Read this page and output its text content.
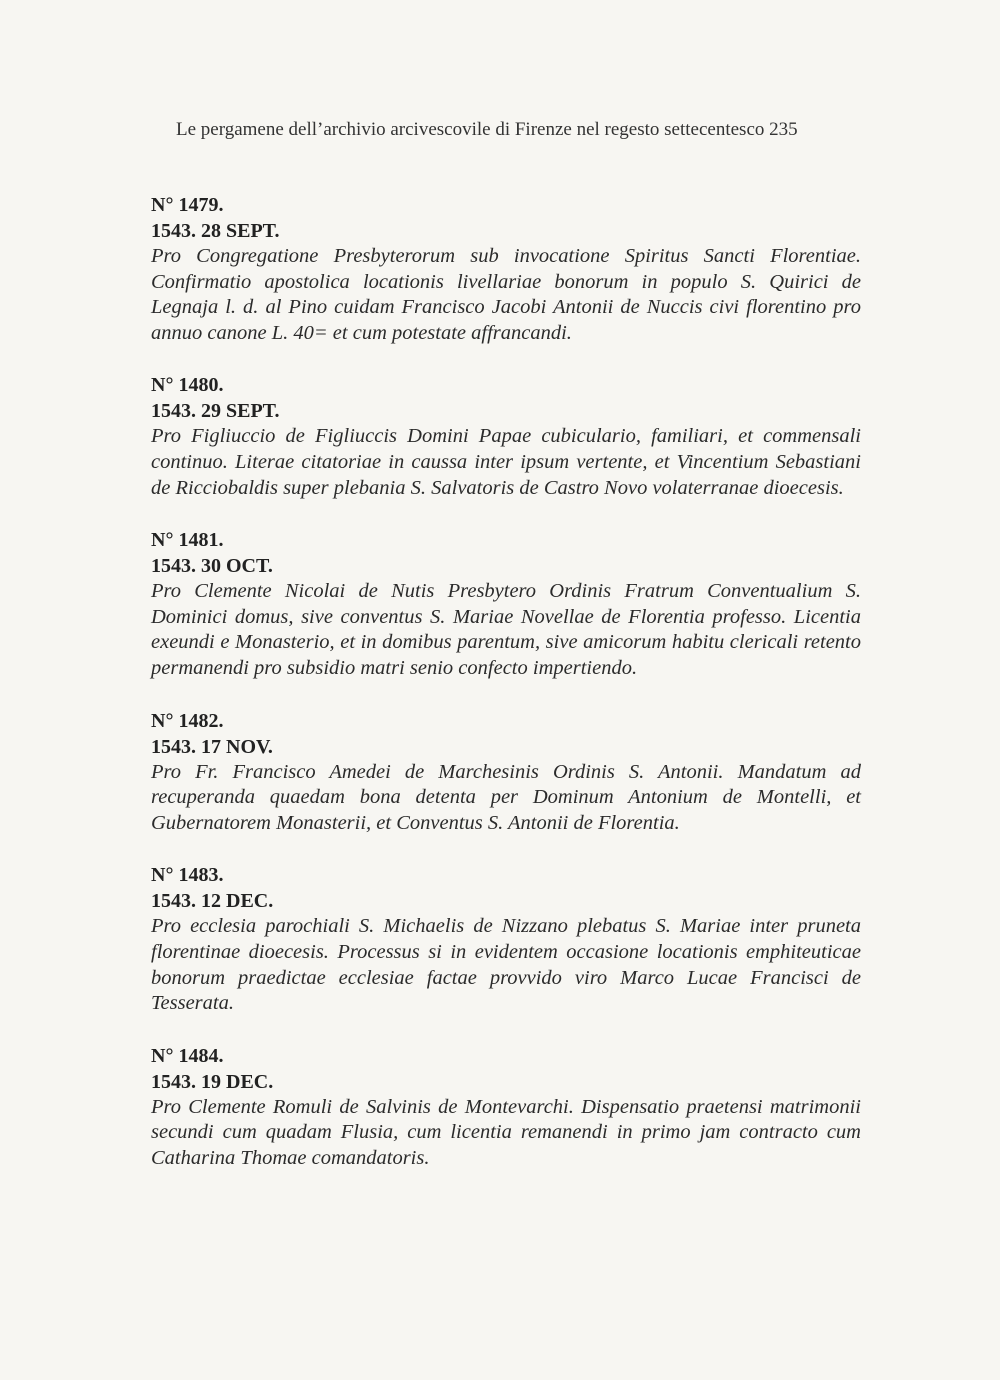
Le pergamene dell’archivio arcivescovile di Firenze nel regesto settecentesco 235
N° 1479.
1543. 28 SEPT.
Pro Congregatione Presbyterorum sub invocatione Spiritus Sancti Florentiae. Confirmatio apostolica locationis livellariae bonorum in populo S. Quirici de Legnaja l. d. al Pino cuidam Francisco Jacobi Antonii de Nuccis civi florentino pro annuo canone L. 40= et cum potestate affrancandi.
N° 1480.
1543. 29 SEPT.
Pro Figliuccio de Figliuccis Domini Papae cubiculario, familiari, et commensali continuo. Literae citatoriae in caussa inter ipsum vertente, et Vincentium Sebastiani de Ricciobaldis super plebania S. Salvatoris de Castro Novo volaterranae dioecesis.
N° 1481.
1543. 30 OCT.
Pro Clemente Nicolai de Nutis Presbytero Ordinis Fratrum Conventualium S. Dominici domus, sive conventus S. Mariae Novellae de Florentia professo. Licentia exeundi e Monasterio, et in domibus parentum, sive amicorum habitu clericali retento permanendi pro subsidio matri senio confecto impertiendo.
N° 1482.
1543. 17 NOV.
Pro Fr. Francisco Amedei de Marchesinis Ordinis S. Antonii. Mandatum ad recuperanda quaedam bona detenta per Dominum Antonium de Montelli, et Gubernatorem Monasterii, et Conventus S. Antonii de Florentia.
N° 1483.
1543. 12 DEC.
Pro ecclesia parochiali S. Michaelis de Nizzano plebatus S. Mariae inter pruneta florentinae dioecesis. Processus si in evidentem occasione locationis emphiteuticae bonorum praedictae ecclesiae factae provvido viro Marco Lucae Francisci de Tesserata.
N° 1484.
1543. 19 DEC.
Pro Clemente Romuli de Salvinis de Montevarchi. Dispensatio praetensi matrimonii secundi cum quadam Flusia, cum licentia remanendi in primo jam contracto cum Catharina Thomae comandatoris.
